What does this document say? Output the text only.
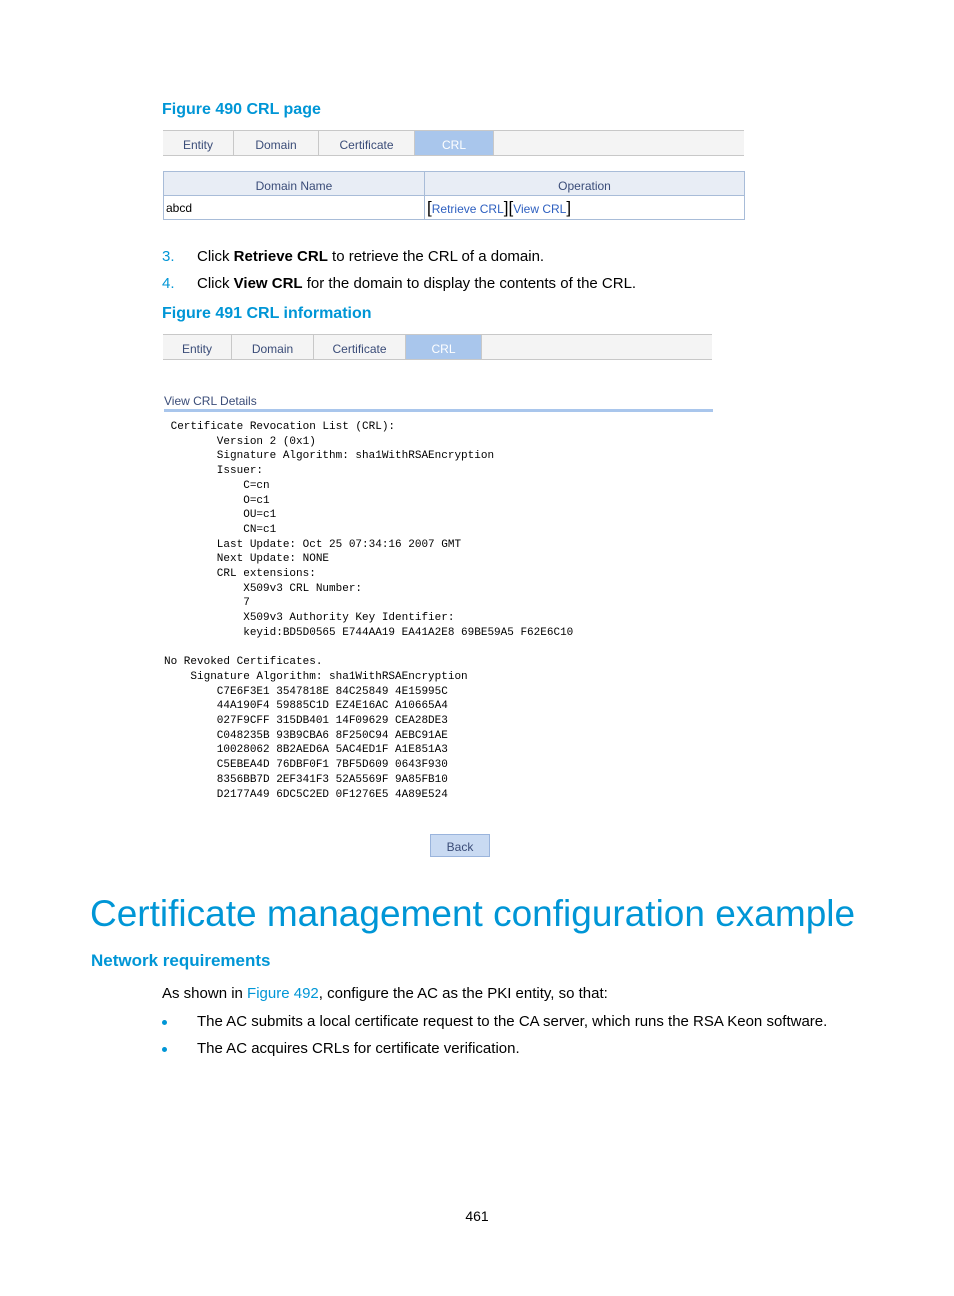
Figure 490 CRL page
Entity	Domain	Certificate	CRL
Domain Name	Operation
abcd	[Retrieve CRL][View CRL]
3. Click Retrieve CRL to retrieve the CRL of a domain.
4. Click View CRL for the domain to display the contents of the CRL.
Figure 491 CRL information
Entity	Domain	Certificate	CRL
View CRL Details
Certificate Revocation List (CRL):
Version 2 (0x1)
Signature Algorithm: sha1WithRSAEncryption
Issuer:
C=cn
O=c1
OU=c1
CN=c1
Last Update: Oct 25 07:34:16 2007 GMT
Next Update: NONE
CRL extensions:
X509v3 CRL Number:
7
X509v3 Authority Key Identifier:
keyid:BD5D0565 E744AA19 EA41A2E8 69BE59A5 F62E6C10

No Revoked Certificates.
Signature Algorithm: sha1WithRSAEncryption
C7E6F3E1 3547818E 84C25849 4E15995C
44A190F4 59885C1D EZ4E16AC A10665A4
027F9CFF 315DB401 14F09629 CEA28DE3
C048235B 93B9CBA6 8F250C94 AEBC91AE
10028062 8B2AED6A 5AC4ED1F A1E851A3
C5EBEA4D 76DBF0F1 7BF5D609 0643F930
8356BB7D 2EF341F3 52A5569F 9A85FB10
D2177A49 6DC5C2ED 0F1276E5 4A89E524
Back
Certificate management configuration example
Network requirements
As shown in Figure 492, configure the AC as the PKI entity, so that:
The AC submits a local certificate request to the CA server, which runs the RSA Keon software.
The AC acquires CRLs for certificate verification.
461
